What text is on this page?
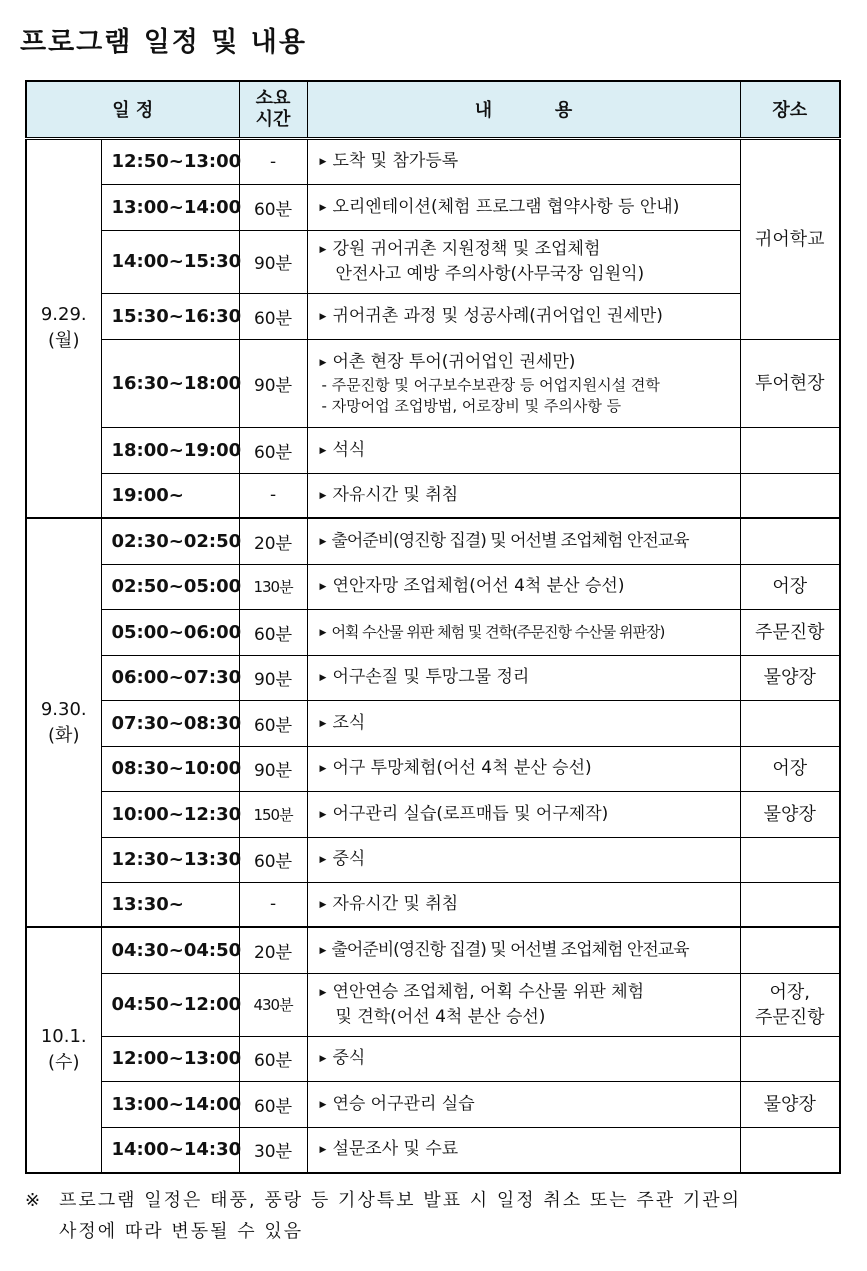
프로그램 일정 및 내용
일 정		소요
시간	내          용	장소
9.29.
(월)	12:50~13:00	-	▶ 도착 및 참가등록	귀어학교
	13:00~14:00	60분	▶ 오리엔테이션(체험 프로그램 협약사항 등 안내)	
	14:00~15:30	90분	▶ 강원 귀어귀촌 지원정책 및 조업체험
안전사고 예방 주의사항(사무국장 임원익)	

	15:30~16:30	60분	▶ 귀어귀촌 과정 및 성공사례(귀어업인 권세만)	
	16:30~18:00	90분	▶ 어촌 현장 투어(귀어업인 권세만)
- 주문진항 및 어구보수보관장 등 어업지원시설 견학
- 자망어업 조업방법, 어로장비 및 주의사항 등	투어현장
	18:00~19:00	60분	▶ 석식	
	19:00~	-	▶ 자유시간 및 취침	
9.30.
(화)	02:30~02:50	20분	▶ 출어준비(영진항 집결) 및 어선별 조업체험 안전교육	
	02:50~05:00	130분	▶ 연안자망 조업체험(어선 4척 분산 승선)	어장
	05:00~06:00	60분	▶ 어획 수산물 위판 체험 및 견학(주문진항 수산물 위판장)	주문진항
	06:00~07:30	90분	▶ 어구손질 및 투망그물 정리	물양장
	07:30~08:30	60분	▶ 조식	
	08:30~10:00	90분	▶ 어구 투망체험(어선 4척 분산 승선)	어장
	10:00~12:30	150분	▶ 어구관리 실습(로프매듭 및 어구제작)	물양장
	12:30~13:30	60분	▶ 중식	
	13:30~	-	▶ 자유시간 및 취침	
10.1.
(수)	04:30~04:50	20분	▶ 출어준비(영진항 집결) 및 어선별 조업체험 안전교육	
	04:50~12:00	430분	▶ 연안연승 조업체험, 어획 수산물 위판 체험
및 견학(어선 4척 분산 승선)	어장,
주문진항
	12:00~13:00	60분	▶ 중식	
	13:00~14:00	60분	▶ 연승 어구관리 실습	물양장
	14:00~14:30	30분	▶ 설문조사 및 수료	
※ 프로그램 일정은 태풍, 풍랑 등 기상특보 발표 시 일정 취소 또는 주관 기관의
사정에 따라 변동될 수 있음
